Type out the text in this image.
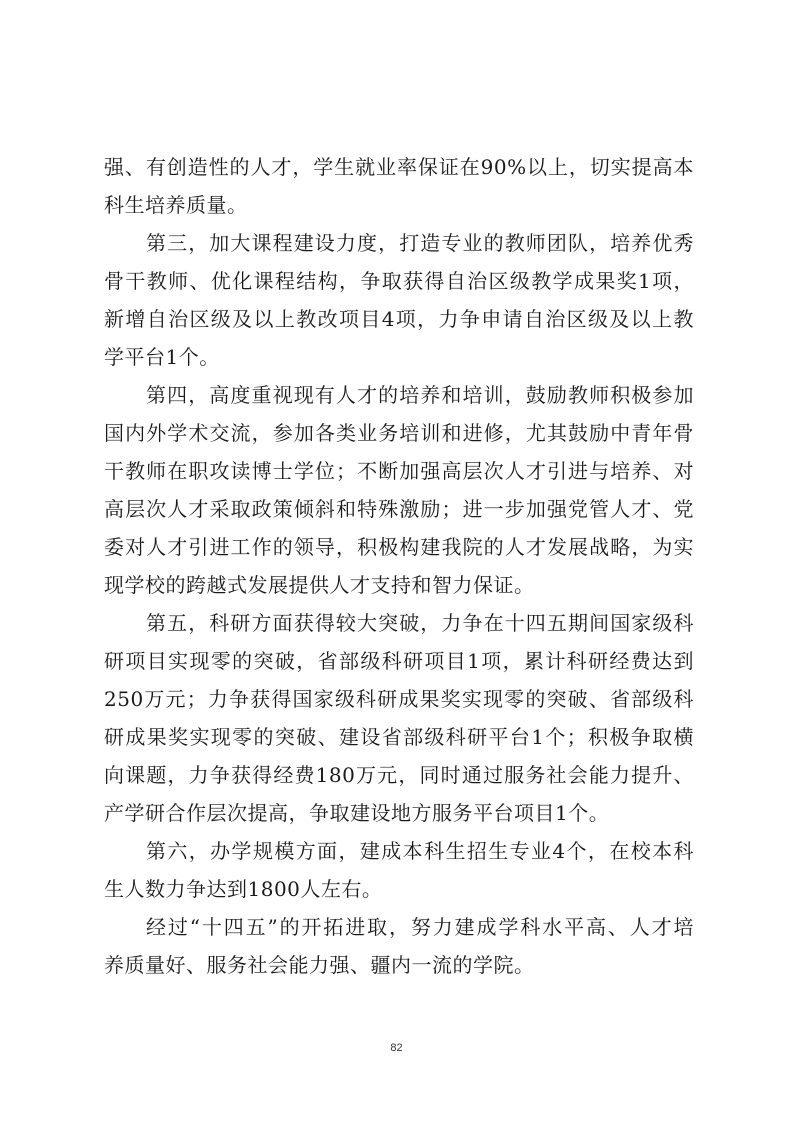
强、有创造性的人才，学生就业率保证在90%以上，切实提高本
科生培养质量。
第三，加大课程建设力度，打造专业的教师团队，培养优秀
骨干教师、优化课程结构，争取获得自治区级教学成果奖1项，
新增自治区级及以上教改项目4项，力争申请自治区级及以上教
学平台1个。
第四，高度重视现有人才的培养和培训，鼓励教师积极参加
国内外学术交流，参加各类业务培训和进修，尤其鼓励中青年骨
干教师在职攻读博士学位；不断加强高层次人才引进与培养、对
高层次人才采取政策倾斜和特殊激励；进一步加强党管人才、党
委对人才引进工作的领导，积极构建我院的人才发展战略，为实
现学校的跨越式发展提供人才支持和智力保证。
第五，科研方面获得较大突破，力争在十四五期间国家级科
研项目实现零的突破，省部级科研项目1项，累计科研经费达到
250万元；力争获得国家级科研成果奖实现零的突破、省部级科
研成果奖实现零的突破、建设省部级科研平台1个；积极争取横
向课题，力争获得经费180万元，同时通过服务社会能力提升、
产学研合作层次提高，争取建设地方服务平台项目1个。
第六，办学规模方面，建成本科生招生专业4个，在校本科
生人数力争达到1800人左右。
经过“十四五”的开拓进取，努力建成学科水平高、人才培
养质量好、服务社会能力强、疆内一流的学院。
82
